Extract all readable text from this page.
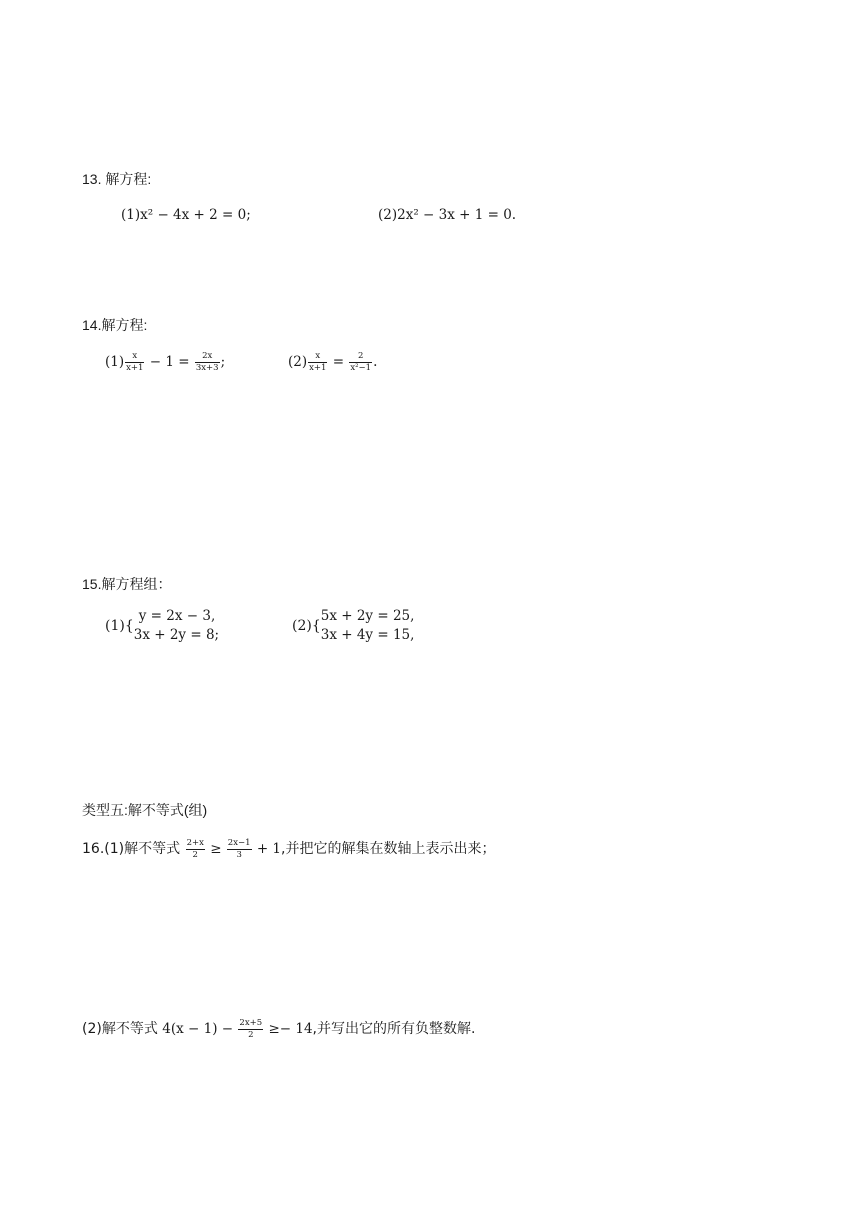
13. 解方程:
(1)x² − 4x + 2 = 0;	(2)2x² − 3x + 1 = 0.
14.解方程:
$(1) \frac{x}{x+1} - 1 = \frac{2x}{3x+3}$ ;	$(2) \frac{x}{x+1} = \frac{2}{\text{x²−1}}$ .
15.解方程组：
(1){
y = 2x − 3,
3x + 2y = 8;
(2){
5x + 2y = 25,
3x + 4y = 15,
类型五:解不等式(组)
16.(1)解不等式 $\frac{2+x}{2} \ge \frac{2x-1}{3} + 1$,并把它的解集在数轴上表示出来；
(2)解不等式 $4(x - 1) - \frac{2x+5}{2} \ge- 14$,并写出它的所有负整数解.
